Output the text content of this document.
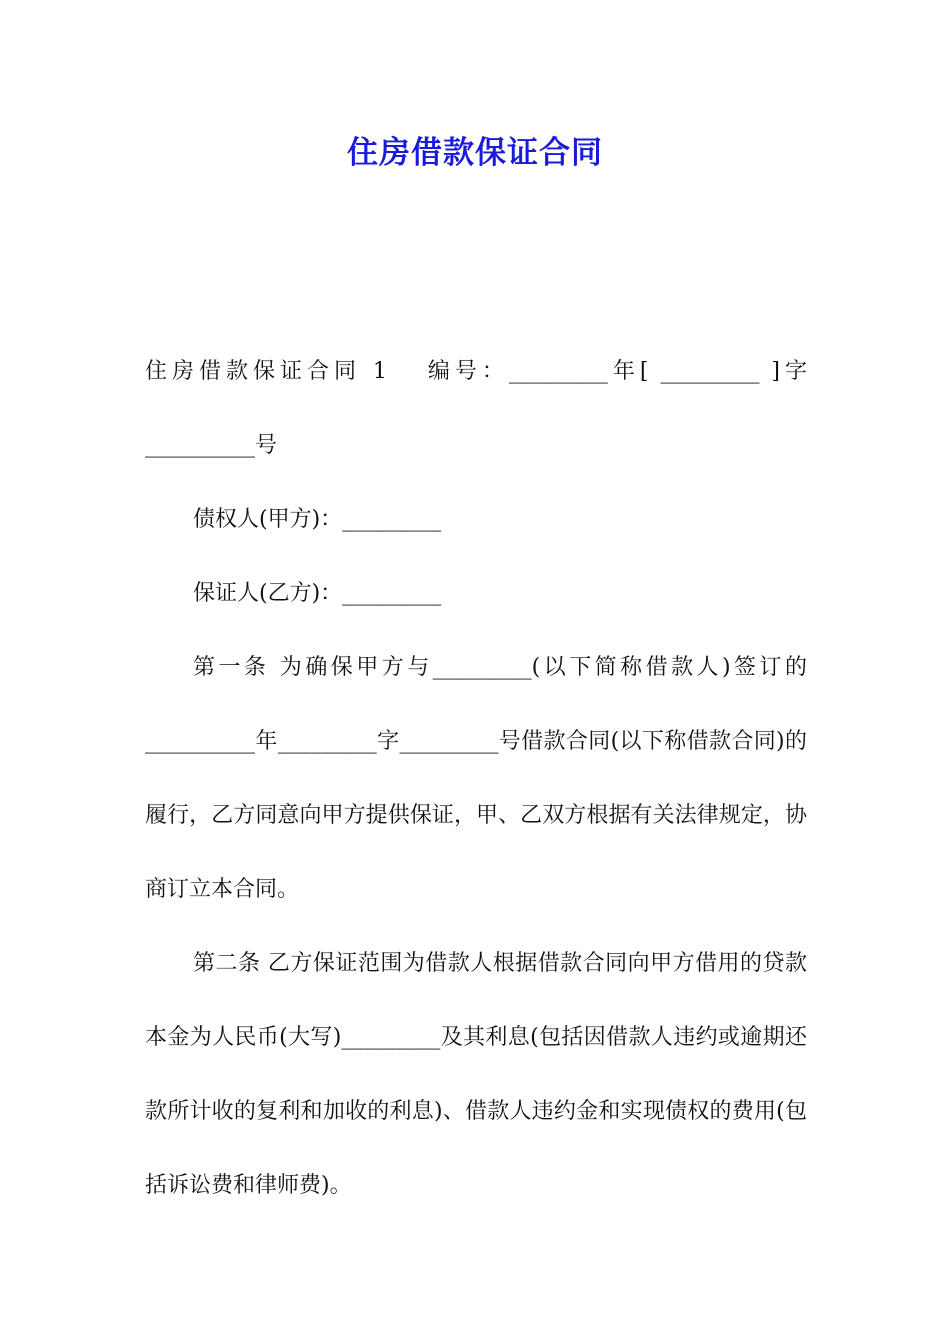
住房借款保证合同

住房借款保证合同 1 编号：_________年[ _________ ]字__________号

债权人(甲方)：_________

保证人(乙方)：_________

第一条 为确保甲方与_________(以下简称借款人)签订的__________年_________字_________号借款合同(以下称借款合同)的履行，乙方同意向甲方提供保证，甲、乙双方根据有关法律规定，协商订立本合同。

第二条 乙方保证范围为借款人根据借款合同向甲方借用的贷款本金为人民币(大写)_________及其利息(包括因借款人违约或逾期还款所计收的复利和加收的利息)、借款人违约金和实现债权的费用(包括诉讼费和律师费)。
